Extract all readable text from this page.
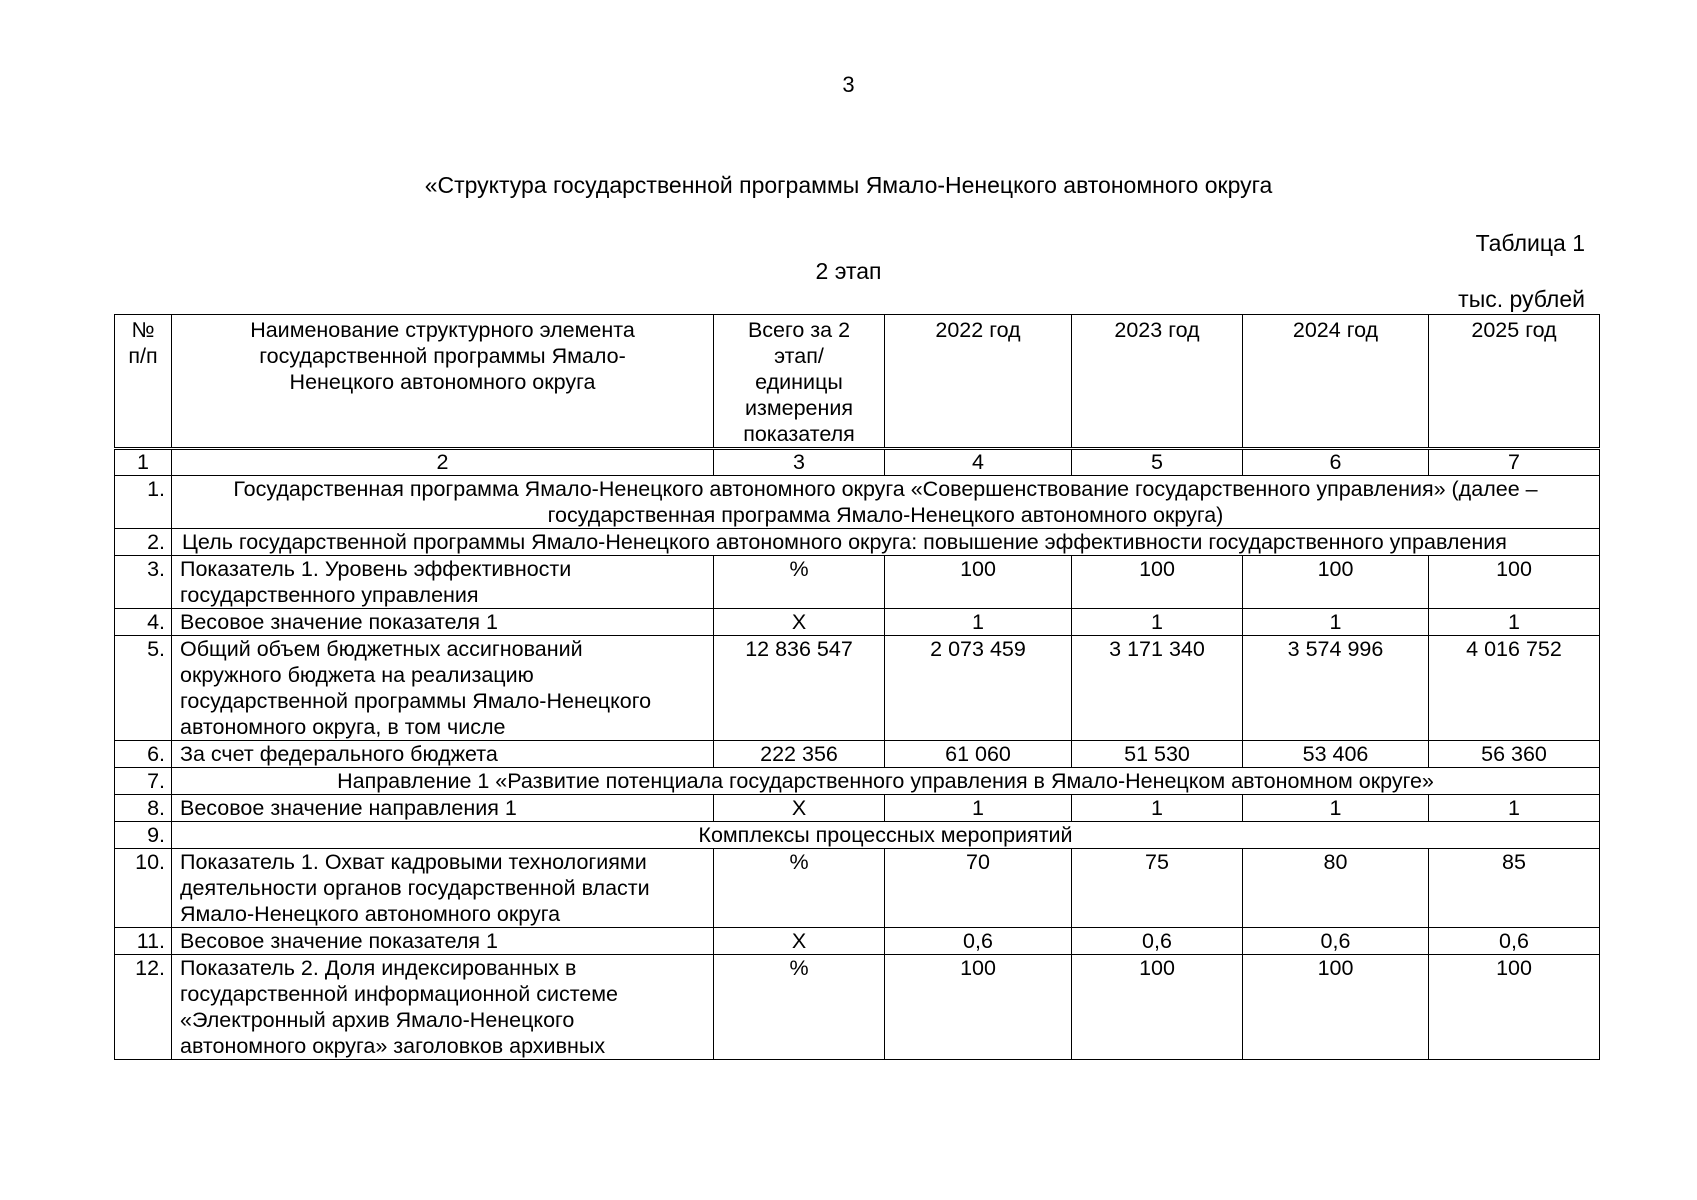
3
«Структура государственной программы Ямало-Ненецкого автономного округа
Таблица 1
2 этап
тыс. рублей
№ п/п	Наименование структурного элемента государственной программы Ямало-Ненецкого автономного округа	Всего за 2 этап/ единицы измерения показателя	2022 год	2023 год	2024 год	2025 год
1	2	3	4	5	6	7
1.	Государственная программа Ямало-Ненецкого автономного округа «Совершенствование государственного управления» (далее – государственная программа Ямало-Ненецкого автономного округа)					
2.	Цель государственной программы Ямало-Ненецкого автономного округа: повышение эффективности государственного управления					
3.	Показатель 1. Уровень эффективности государственного управления	%	100	100	100	100
4.	Весовое значение показателя 1	Х	1	1	1	1
5.	Общий объем бюджетных ассигнований окружного бюджета на реализацию государственной программы Ямало-Ненецкого автономного округа, в том числе	12 836 547	2 073 459	3 171 340	3 574 996	4 016 752
6.	За счет федерального бюджета	222 356	61 060	51 530	53 406	56 360
7.	Направление 1 «Развитие потенциала государственного управления в Ямало-Ненецком автономном округе»					
8.	Весовое значение направления 1	Х	1	1	1	1
9.	Комплексы процессных мероприятий					
10.	Показатель 1. Охват кадровыми технологиями деятельности органов государственной власти Ямало-Ненецкого автономного округа	%	70	75	80	85
11.	Весовое значение показателя 1	Х	0,6	0,6	0,6	0,6
12.	Показатель 2. Доля индексированных в государственной информационной системе «Электронный архив Ямало-Ненецкого автономного округа» заголовков архивных	%	100	100	100	100
